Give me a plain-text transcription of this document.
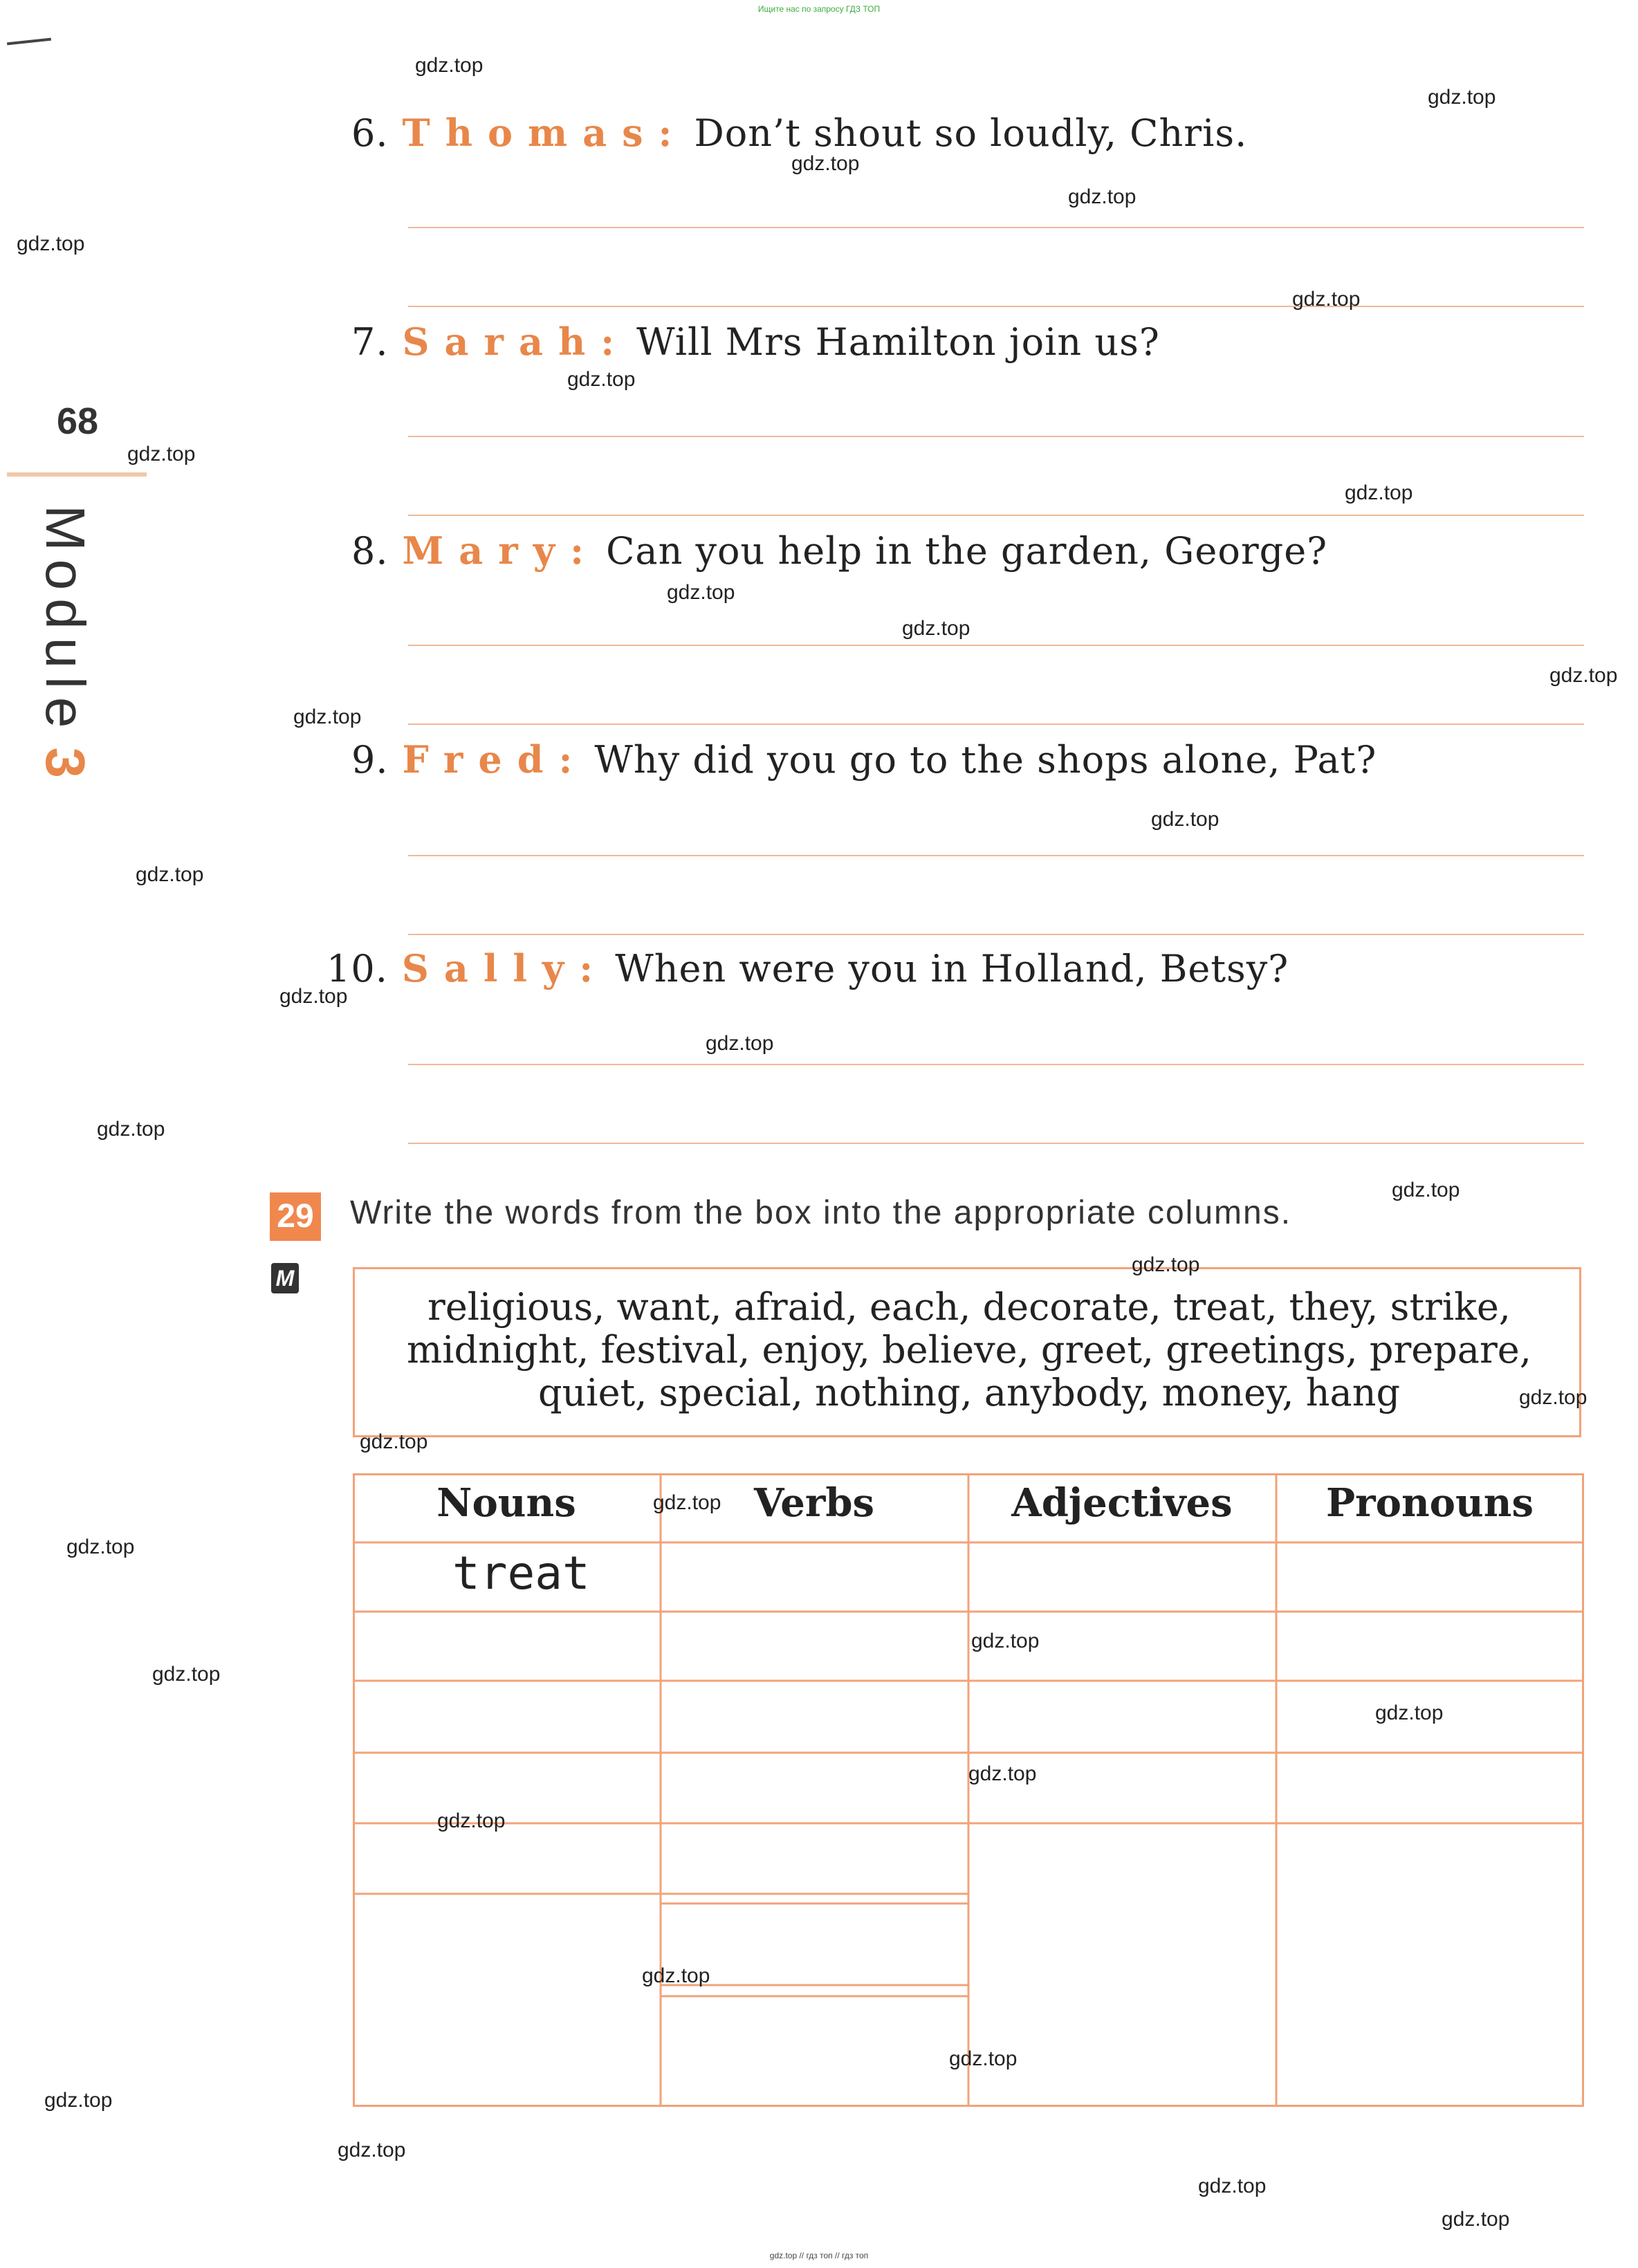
Ищите нас по запросу ГДЗ ТОП
68
Module3
6. Thomas: Don’t shout so loudly, Chris.
7. Sarah: Will Mrs Hamilton join us?
8. Mary: Can you help in the garden, George?
9. Fred: Why did you go to the shops alone, Pat?
10. Sally: When were you in Holland, Betsy?
29
M
Write the words from the box into the appropriate columns.
religious, want, afraid, each, decorate, treat, they, strike,
midnight, festival, enjoy, believe, greet, greetings, prepare,
quiet, special, nothing, anybody, money, hang
Nouns	Verbs	Adjectives	Pronouns
treat
gdz.top
gdz.top
gdz.top
gdz.top
gdz.top
gdz.top
gdz.top
gdz.top
gdz.top
gdz.top
gdz.top
gdz.top
gdz.top
gdz.top
gdz.top
gdz.top
gdz.top
gdz.top
gdz.top
gdz.top
gdz.top
gdz.top
gdz.top
gdz.top
gdz.top
gdz.top
gdz.top
gdz.top
gdz.top
gdz.top
gdz.top
gdz.top
gdz.top
gdz.top
gdz.top
gdz.top // гдз топ // гдз топ
